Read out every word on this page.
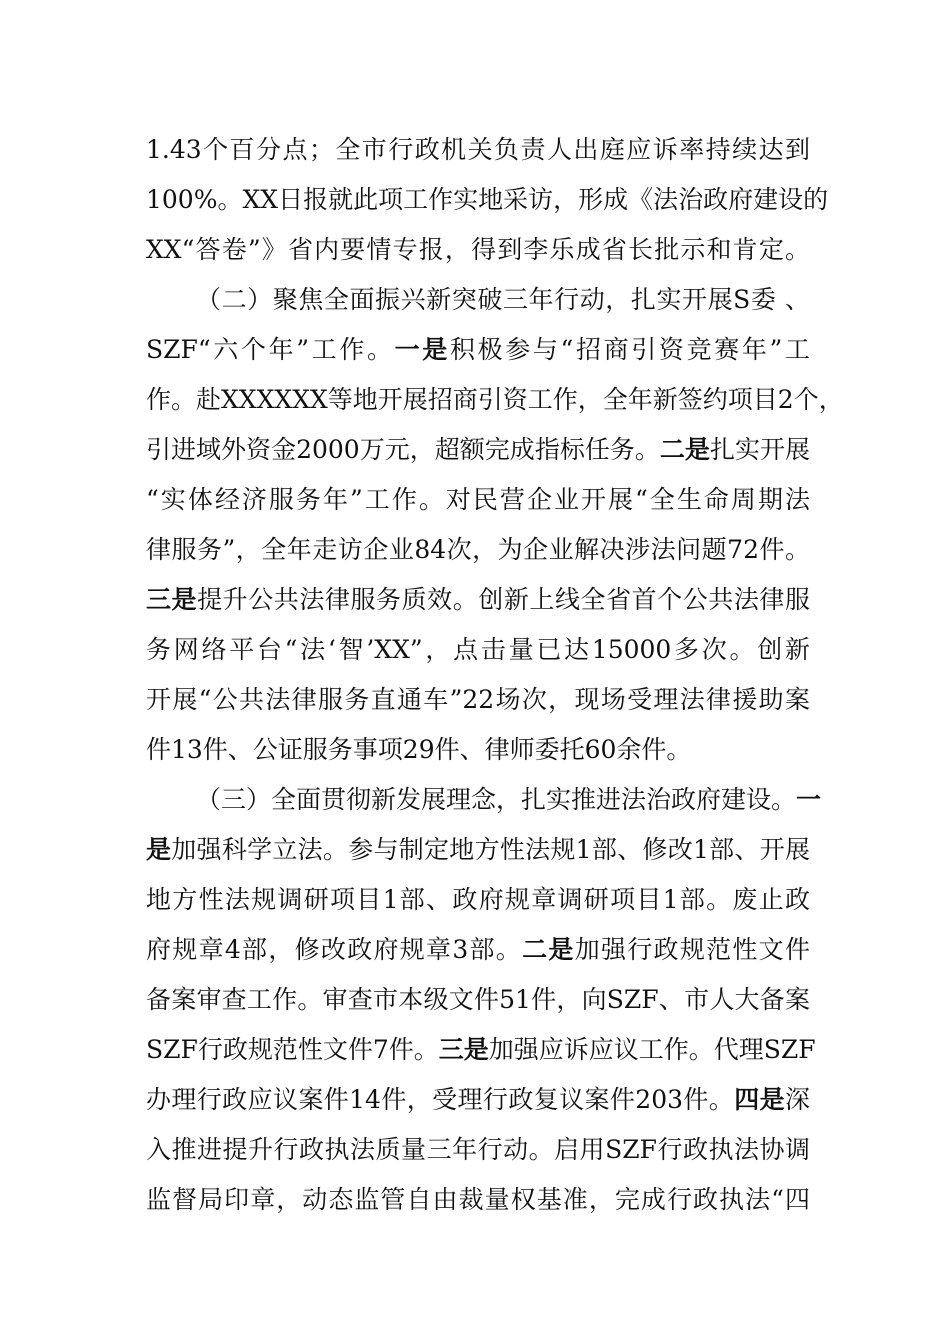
1.43个百分点；全市行政机关负责人出庭应诉率持续达到
100%。XX日报就此项工作实地采访，形成《法治政府建设的
XX“答卷”》省内要情专报，得到李乐成省长批示和肯定。
（二）聚焦全面振兴新突破三年行动，扎实开展S委 、
SZF“六个年”工作。一是积极参与“招商引资竞赛年”工
作。赴XXXXXX等地开展招商引资工作，全年新签约项目2个，
引进域外资金2000万元，超额完成指标任务。二是扎实开展
“实体经济服务年”工作。对民营企业开展“全生命周期法
律服务”，全年走访企业84次，为企业解决涉法问题72件。
三是提升公共法律服务质效。创新上线全省首个公共法律服
务网络平台“法‘智’XX”，点击量已达15000多次。创新
开展“公共法律服务直通车”22场次，现场受理法律援助案
件13件、公证服务事项29件、律师委托60余件。
（三）全面贯彻新发展理念，扎实推进法治政府建设。一
是加强科学立法。参与制定地方性法规1部、修改1部、开展
地方性法规调研项目1部、政府规章调研项目1部。废止政
府规章4部，修改政府规章3部。二是加强行政规范性文件
备案审查工作。审查市本级文件51件，向SZF、市人大备案
SZF行政规范性文件7件。三是加强应诉应议工作。代理SZF
办理行政应议案件14件，受理行政复议案件203件。四是深
入推进提升行政执法质量三年行动。启用SZF行政执法协调
监督局印章，动态监管自由裁量权基准，完成行政执法“四
